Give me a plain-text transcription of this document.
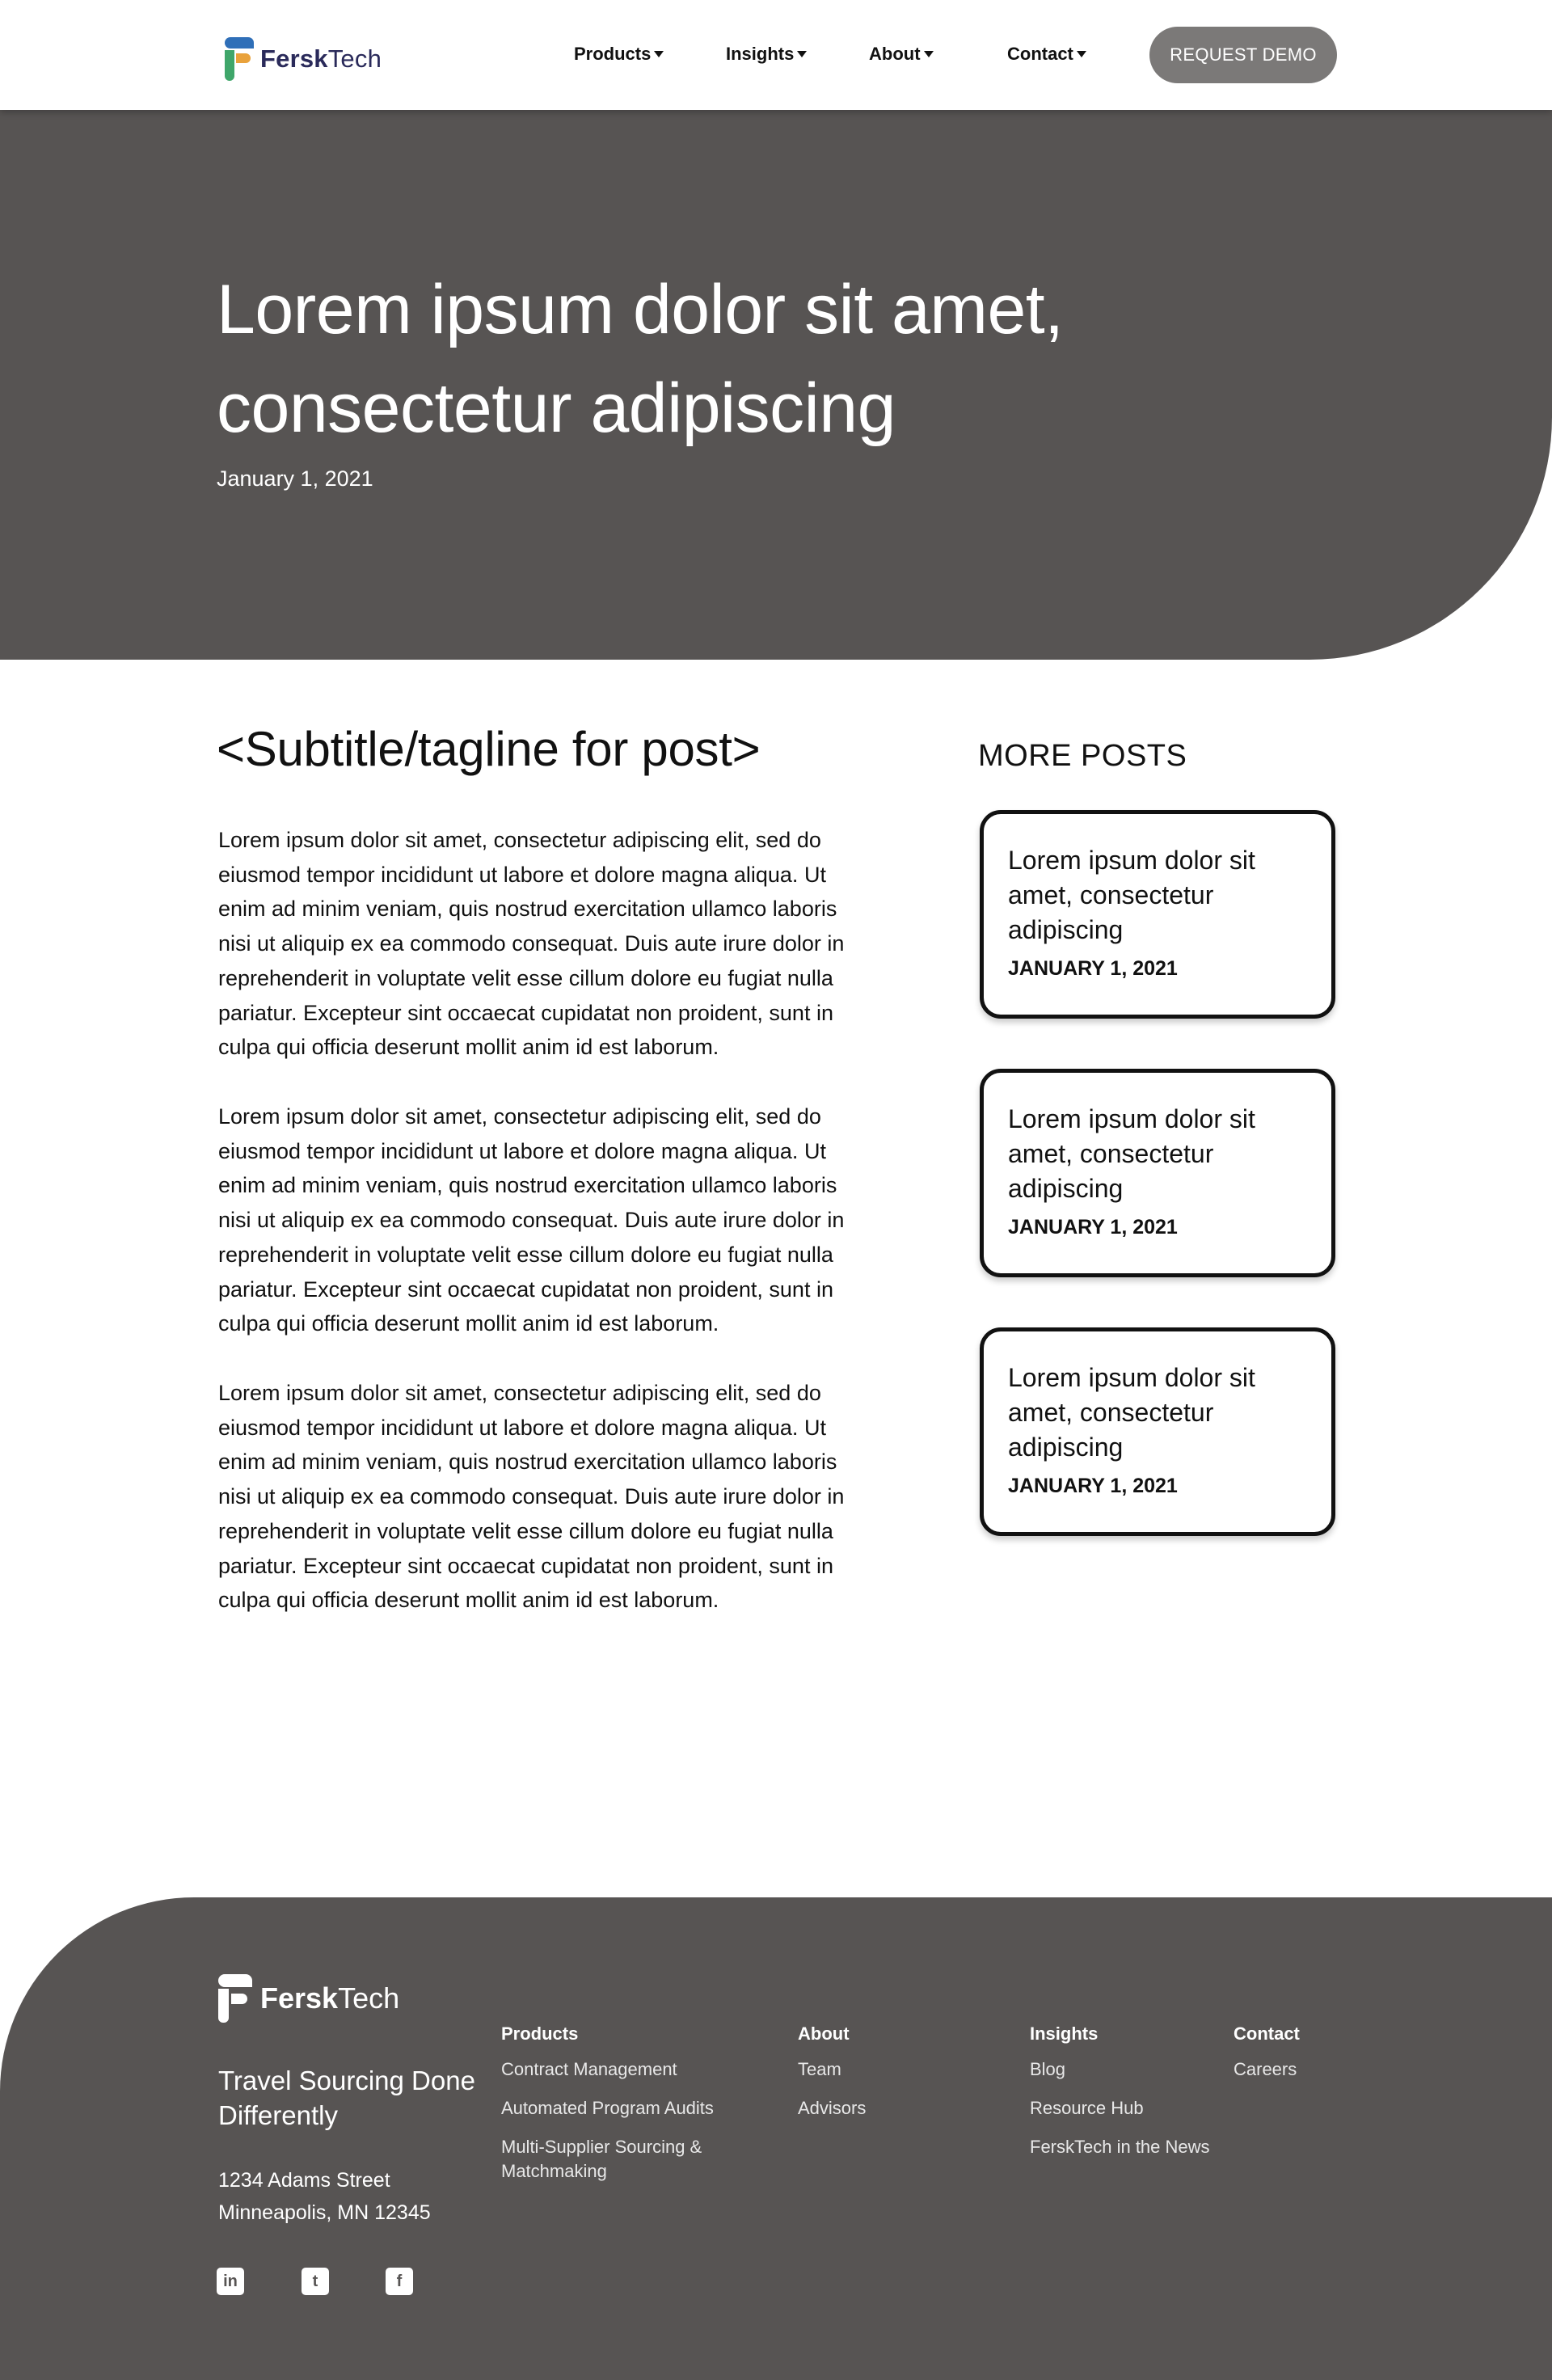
FerskTech	Products	Insights	About	Contact	REQUEST DEMO
Lorem ipsum dolor sit amet, consectetur adipiscing
January 1, 2021
<Subtitle/tagline for post>

Lorem ipsum dolor sit amet, consectetur adipiscing elit, sed do eiusmod tempor incididunt ut labore et dolore magna aliqua. Ut enim ad minim veniam, quis nostrud exercitation ullamco laboris nisi ut aliquip ex ea commodo consequat. Duis aute irure dolor in reprehenderit in voluptate velit esse cillum dolore eu fugiat nulla pariatur. Excepteur sint occaecat cupidatat non proident, sunt in culpa qui officia deserunt mollit anim id est laborum.

Lorem ipsum dolor sit amet, consectetur adipiscing elit, sed do eiusmod tempor incididunt ut labore et dolore magna aliqua. Ut enim ad minim veniam, quis nostrud exercitation ullamco laboris nisi ut aliquip ex ea commodo consequat. Duis aute irure dolor in reprehenderit in voluptate velit esse cillum dolore eu fugiat nulla pariatur. Excepteur sint occaecat cupidatat non proident, sunt in culpa qui officia deserunt mollit anim id est laborum.

Lorem ipsum dolor sit amet, consectetur adipiscing elit, sed do eiusmod tempor incididunt ut labore et dolore magna aliqua. Ut enim ad minim veniam, quis nostrud exercitation ullamco laboris nisi ut aliquip ex ea commodo consequat. Duis aute irure dolor in reprehenderit in voluptate velit esse cillum dolore eu fugiat nulla pariatur. Excepteur sint occaecat cupidatat non proident, sunt in culpa qui officia deserunt mollit anim id est laborum.

MORE POSTS
Lorem ipsum dolor sit amet, consectetur adipiscing
JANUARY 1, 2021
Lorem ipsum dolor sit amet, consectetur adipiscing
JANUARY 1, 2021
Lorem ipsum dolor sit amet, consectetur adipiscing
JANUARY 1, 2021
FerskTech
Travel Sourcing Done Differently
1234 Adams Street
Minneapolis, MN 12345
in	t	f
Products
Contract Management
Automated Program Audits
Multi-Supplier Sourcing & Matchmaking
About
Team
Advisors
Insights
Blog
Resource Hub
FerskTech in the News
Contact
Careers
